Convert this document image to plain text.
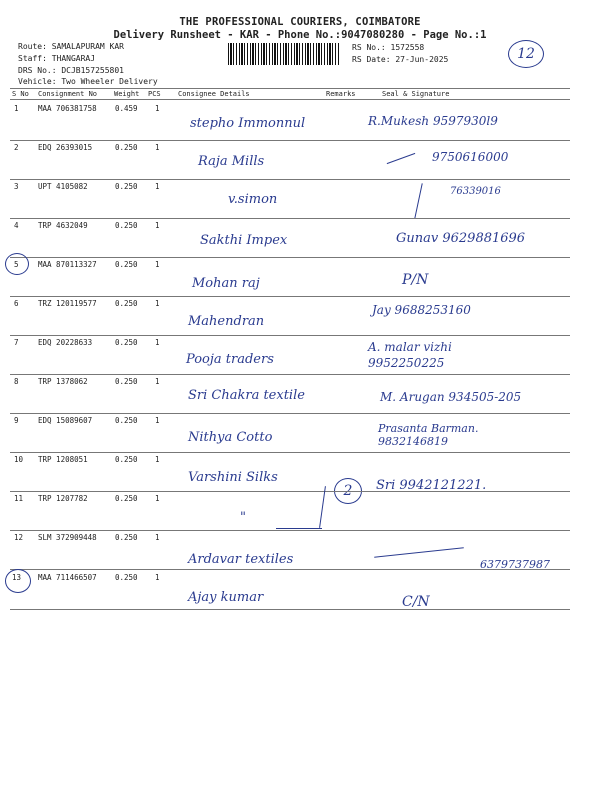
THE PROFESSIONAL COURIERS, COIMBATORE
Delivery Runsheet - KAR - Phone No.:9047080280 - Page No.:1
Route: SAMALAPURAM KAR
Staff: THANGARAJ
DRS No.: DCJB157255801
Vehicle: Two Wheeler Delivery
RS No.: 1572558
RS Date: 27-Jun-2025	12
S No Consignment No Weight PCS Consignee Details	Remarks	Seal & Signature
1	MAA 706381758 0.459 1
stepho Immonnul	R.Mukesh 9597930l9
2	EDQ 26393015	0.250 1
Raja Mills	9750616000
3	UPT 4105082	0.250 1
v.simon
76339016
4	TRP 4632049	0.250 1
Sakthi Impex	Gunav 9629881696
5	MAA 870113327 0.250 1
Mohan raj	P/N
6	TRZ 120119577 0.250 1
Mahendran
Jay 9688253160
7	EDQ 20228633	0.250 1
Pooja traders
A. malar vizhi 9952250225
8	TRP 1378062	0.250 1
Sri Chakra textile	M. Arugan 934505-205
9	EDQ 15089607	0.250 1
Nithya Cotto
Prasanta Barman. 9832146819
10 TRP 1208051	0.250 1
Varshini Silks
2	Sri 9942121221.
11 TRP 1207782	0.250 1
"
12 SLM 372909448 0.250 1
Ardavar textiles	6379737987
13 MAA 711466507 0.250 1
Ajay kumar	C/N
